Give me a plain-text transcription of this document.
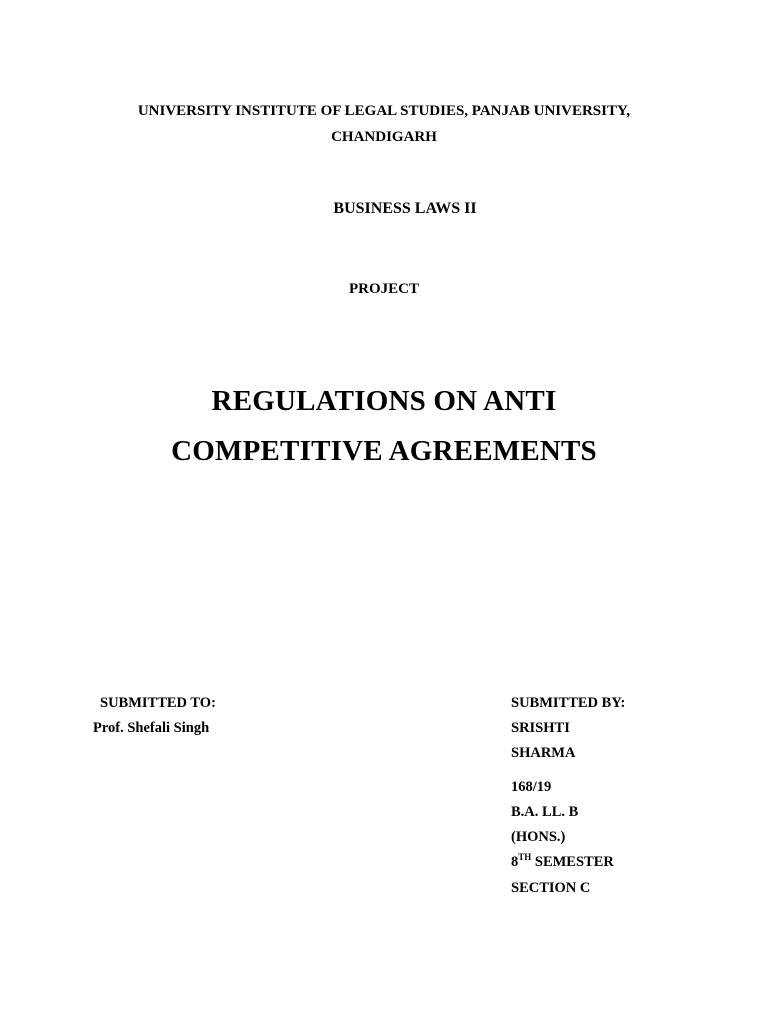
UNIVERSITY INSTITUTE OF LEGAL STUDIES, PANJAB UNIVERSITY,
CHANDIGARH
BUSINESS LAWS II
PROJECT
REGULATIONS ON ANTI
COMPETITIVE AGREEMENTS
SUBMITTED TO:
Prof. Shefali Singh
SUBMITTED BY:
SRISHTI
SHARMA
168/19
B.A. LL. B
(HONS.)
8TH SEMESTER
SECTION C
